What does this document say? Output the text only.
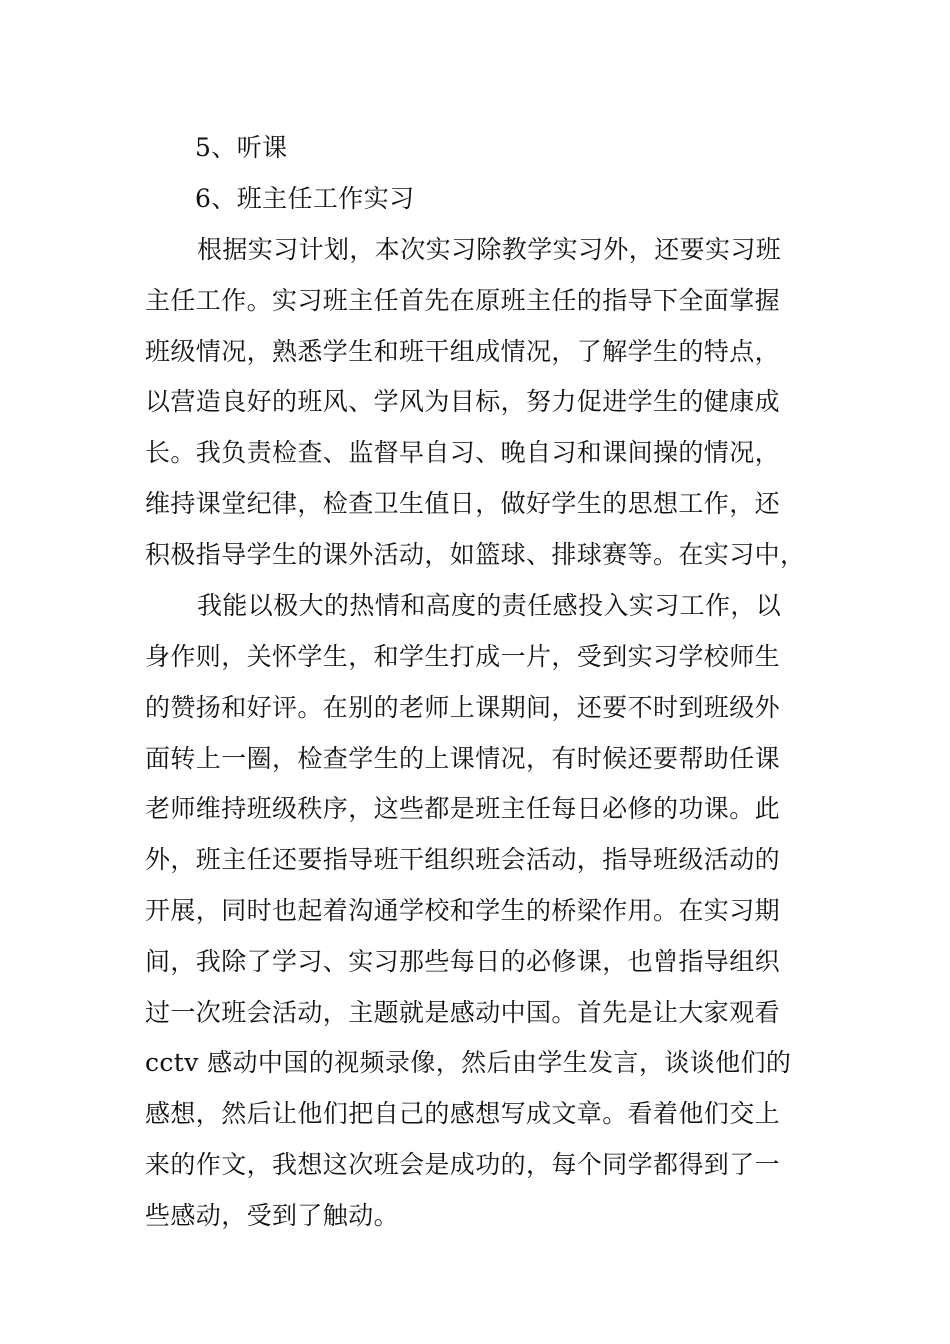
5、听课
6、班主任工作实习
根据实习计划，本次实习除教学实习外，还要实习班
主任工作。实习班主任首先在原班主任的指导下全面掌握
班级情况，熟悉学生和班干组成情况，了解学生的特点，
以营造良好的班风、学风为目标，努力促进学生的健康成
长。我负责检查、监督早自习、晚自习和课间操的情况，
维持课堂纪律，检查卫生值日，做好学生的思想工作，还
积极指导学生的课外活动，如篮球、排球赛等。在实习中，
我能以极大的热情和高度的责任感投入实习工作，以
身作则，关怀学生，和学生打成一片，受到实习学校师生
的赞扬和好评。在别的老师上课期间，还要不时到班级外
面转上一圈，检查学生的上课情况，有时候还要帮助任课
老师维持班级秩序，这些都是班主任每日必修的功课。此
外，班主任还要指导班干组织班会活动，指导班级活动的
开展，同时也起着沟通学校和学生的桥梁作用。在实习期
间，我除了学习、实习那些每日的必修课，也曾指导组织
过一次班会活动，主题就是感动中国。首先是让大家观看
cctv 感动中国的视频录像，然后由学生发言，谈谈他们的
感想，然后让他们把自己的感想写成文章。看着他们交上
来的作文，我想这次班会是成功的，每个同学都得到了一
些感动，受到了触动。
